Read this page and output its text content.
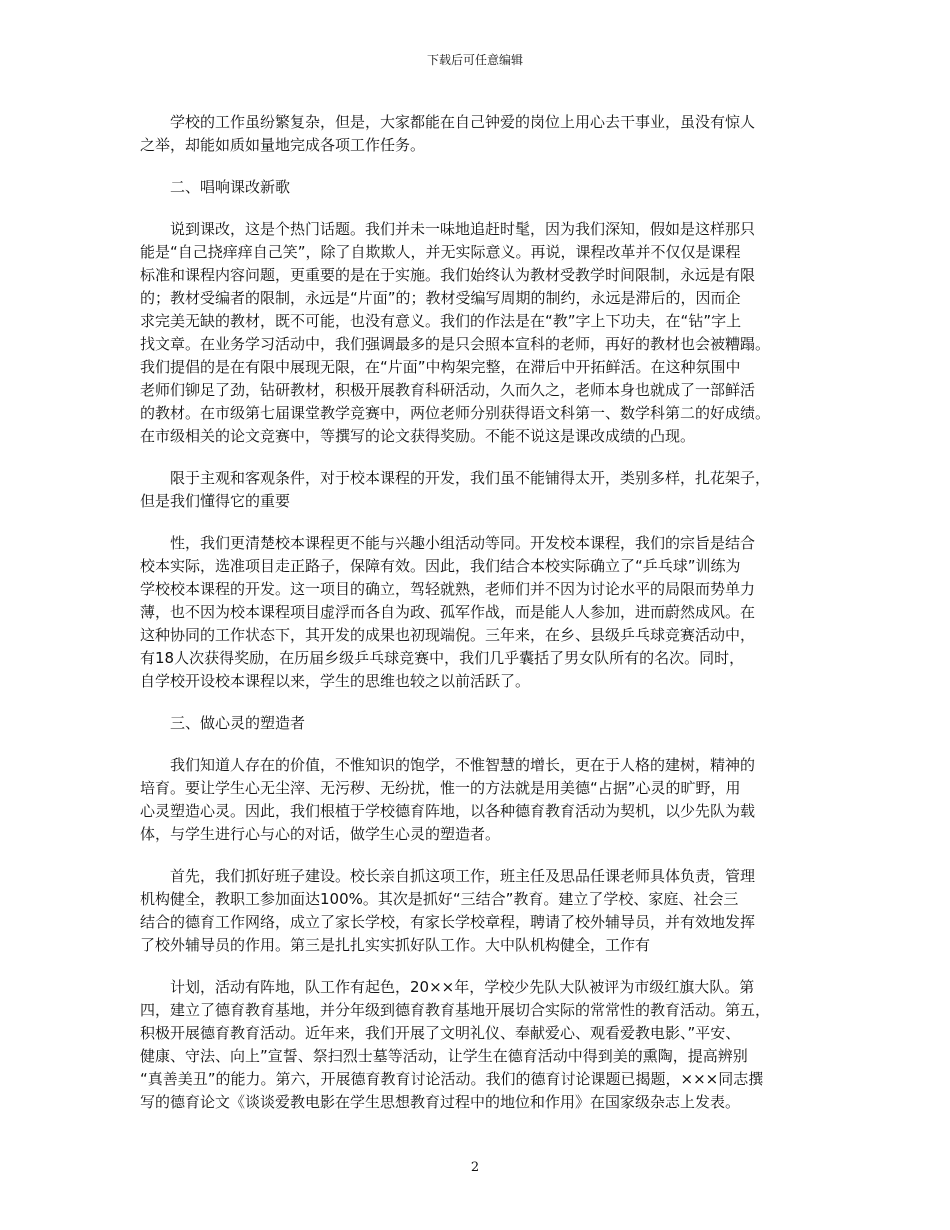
下载后可任意编辑
学校的工作虽纷繁复杂，但是，大家都能在自己钟爱的岗位上用心去干事业，虽没有惊人
之举，却能如质如量地完成各项工作任务。
二、唱响课改新歌
说到课改，这是个热门话题。我们并未一味地追赶时髦，因为我们深知，假如是这样那只
能是“自己挠痒痒自己笑”，除了自欺欺人，并无实际意义。再说，课程改革并不仅仅是课程
标准和课程内容问题，更重要的是在于实施。我们始终认为教材受教学时间限制，永远是有限
的；教材受编者的限制，永远是“片面”的；教材受编写周期的制约，永远是滞后的，因而企
求完美无缺的教材，既不可能，也没有意义。我们的作法是在“教”字上下功夫，在“钻”字上
找文章。在业务学习活动中，我们强调最多的是只会照本宣科的老师，再好的教材也会被糟蹋。
我们提倡的是在有限中展现无限，在“片面”中构架完整，在滞后中开拓鲜活。在这种氛围中
老师们铆足了劲，钻研教材，积极开展教育科研活动，久而久之，老师本身也就成了一部鲜活
的教材。在市级第七届课堂教学竞赛中，两位老师分别获得语文科第一、数学科第二的好成绩。
在市级相关的论文竞赛中，等撰写的论文获得奖励。不能不说这是课改成绩的凸现。
限于主观和客观条件，对于校本课程的开发，我们虽不能铺得太开，类别多样，扎花架子，
但是我们懂得它的重要
性，我们更清楚校本课程更不能与兴趣小组活动等同。开发校本课程，我们的宗旨是结合
校本实际，选准项目走正路子，保障有效。因此，我们结合本校实际确立了“乒乓球”训练为
学校校本课程的开发。这一项目的确立，驾轻就熟，老师们并不因为讨论水平的局限而势单力
薄，也不因为校本课程项目虚浮而各自为政、孤军作战，而是能人人参加，进而蔚然成风。在
这种协同的工作状态下，其开发的成果也初现端倪。三年来，在乡、县级乒乓球竞赛活动中，
有18人次获得奖励，在历届乡级乒乓球竞赛中，我们几乎囊括了男女队所有的名次。同时，
自学校开设校本课程以来，学生的思维也较之以前活跃了。
三、做心灵的塑造者
我们知道人存在的价值，不惟知识的饱学，不惟智慧的增长，更在于人格的建树，精神的
培育。要让学生心无尘滓、无污秽、无纷扰，惟一的方法就是用美德“占据”心灵的旷野，用
心灵塑造心灵。因此，我们根植于学校德育阵地，以各种德育教育活动为契机，以少先队为载
体，与学生进行心与心的对话，做学生心灵的塑造者。
首先，我们抓好班子建设。校长亲自抓这项工作，班主任及思品任课老师具体负责，管理
机构健全，教职工参加面达100%。其次是抓好“三结合”教育。建立了学校、家庭、社会三
结合的德育工作网络，成立了家长学校，有家长学校章程，聘请了校外辅导员，并有效地发挥
了校外辅导员的作用。第三是扎扎实实抓好队工作。大中队机构健全，工作有
计划，活动有阵地，队工作有起色，20××年，学校少先队大队被评为市级红旗大队。第
四，建立了德育教育基地，并分年级到德育教育基地开展切合实际的常常性的教育活动。第五，
积极开展德育教育活动。近年来，我们开展了文明礼仪、奉献爱心、观看爱教电影、”平安、
健康、守法、向上”宣誓、祭扫烈士墓等活动，让学生在德育活动中得到美的熏陶，提高辨别
“真善美丑”的能力。第六，开展德育教育讨论活动。我们的德育讨论课题已揭题，×××同志撰
写的德育论文《谈谈爱教电影在学生思想教育过程中的地位和作用》在国家级杂志上发表。
2
